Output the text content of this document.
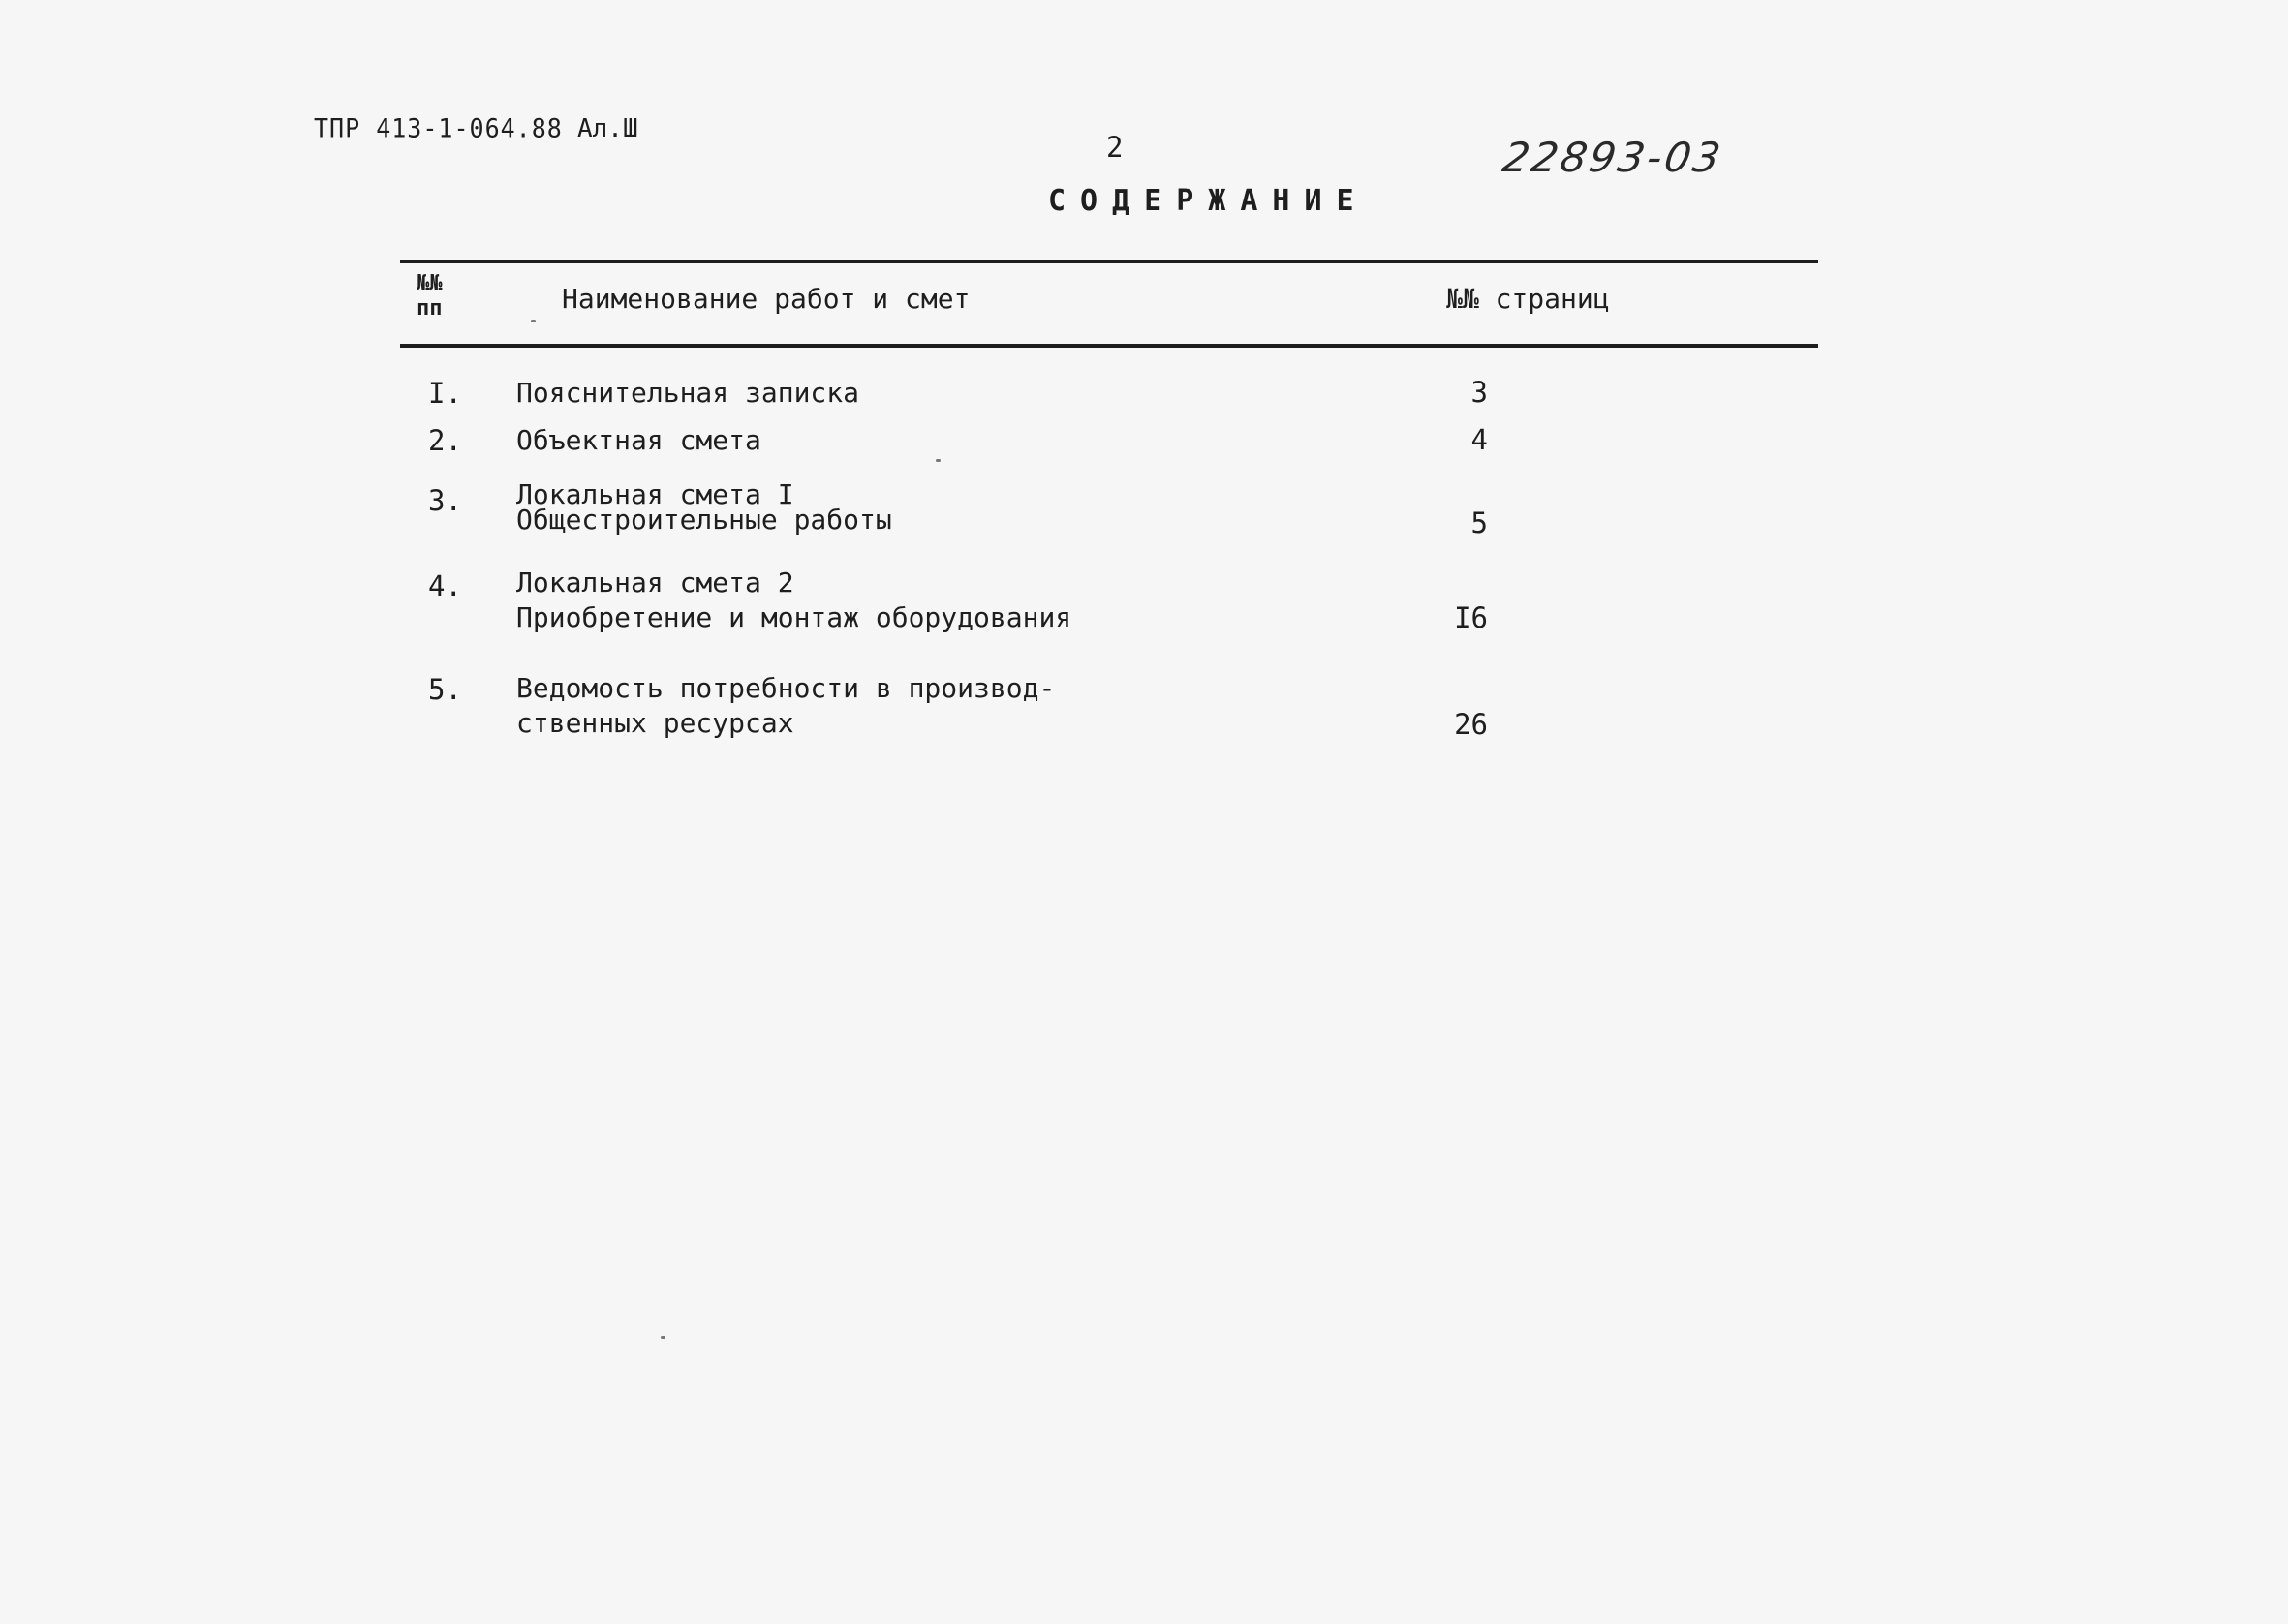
ТПР 413-1-064.88 Ал.Ш
2	22893-03
СОДЕРЖАНИЕ
№№
пп	Наименование работ и смет	№№ страниц
I. Пояснительная записка	3
2. Объектная смета	4
3. Локальная смета I
Общестроительные работы	5
4. Локальная смета 2
Приобретение и монтаж оборудования	I6
5. Ведомость потребности в производ-
ственных ресурсах	26
